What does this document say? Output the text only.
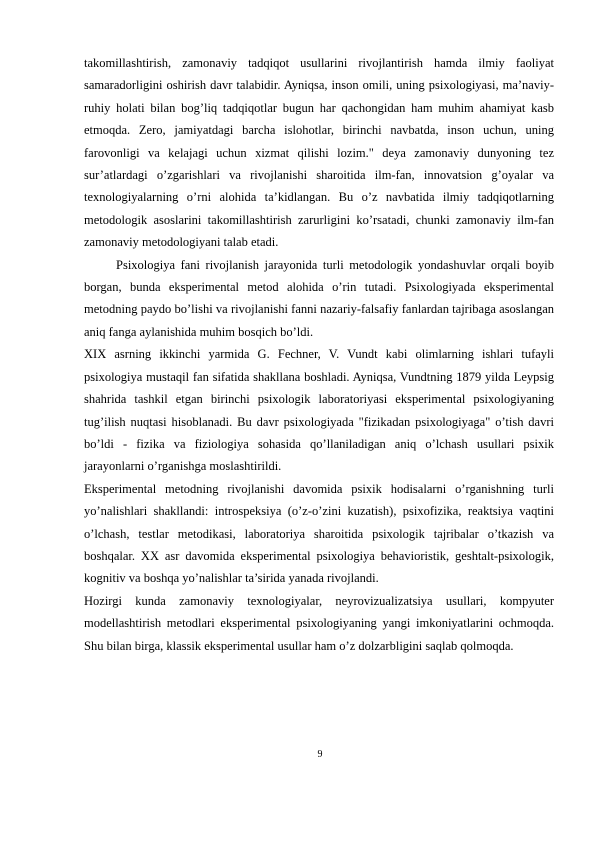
takomillashtirish, zamonaviy tadqiqot usullarini rivojlantirish hamda ilmiy faoliyat samaradorligini oshirish davr talabidir. Ayniqsa, inson omili, uning psixologiyasi, ma’naviy-ruhiy holati bilan bog’liq tadqiqotlar bugun har qachongidan ham muhim ahamiyat kasb etmoqda. Zero, jamiyatdagi barcha islohotlar, birinchi navbatda, inson uchun, uning farovonligi va kelajagi uchun xizmat qilishi lozim." deya zamonaviy dunyoning tez sur’atlardagi o’zgarishlari va rivojlanishi sharoitida ilm-fan, innovatsion g’oyalar va texnologiyalarning o’rni alohida ta’kidlangan. Bu o’z navbatida ilmiy tadqiqotlarning metodologik asoslarini takomillashtirish zarurligini ko’rsatadi, chunki zamonaviy ilm-fan zamonaviy metodologiyani talab etadi.

Psixologiya fani rivojlanish jarayonida turli metodologik yondashuvlar orqali boyib borgan, bunda eksperimental metod alohida o’rin tutadi. Psixologiyada eksperimental metodning paydo bo’lishi va rivojlanishi fanni nazariy-falsafiy fanlardan tajribaga asoslangan aniq fanga aylanishida muhim bosqich bo’ldi.

XIX asrning ikkinchi yarmida G. Fechner, V. Vundt kabi olimlarning ishlari tufayli psixologiya mustaqil fan sifatida shakllana boshladi. Ayniqsa, Vundtning 1879 yilda Leypsig shahrida tashkil etgan birinchi psixologik laboratoriyasi eksperimental psixologiyaning tug’ilish nuqtasi hisoblanadi. Bu davr psixologiyada "fizikadan psixologiyaga" o’tish davri bo’ldi - fizika va fiziologiya sohasida qo’llaniladigan aniq o’lchash usullari psixik jarayonlarni o’rganishga moslashtirildi.

Eksperimental metodning rivojlanishi davomida psixik hodisalarni o’rganishning turli yo’nalishlari shakllandi: introspeksiya (o’z-o’zini kuzatish), psixofizika, reaktsiya vaqtini o’lchash, testlar metodikasi, laboratoriya sharoitida psixologik tajribalar o’tkazish va boshqalar. XX asr davomida eksperimental psixologiya behavioristik, geshtalt-psixologik, kognitiv va boshqa yo’nalishlar ta’sirida yanada rivojlandi.

Hozirgi kunda zamonaviy texnologiyalar, neyrovizualizatsiya usullari, kompyuter modellashtirish metodlari eksperimental psixologiyaning yangi imkoniyatlarini ochmoqda. Shu bilan birga, klassik eksperimental usullar ham o’z dolzarbligini saqlab qolmoqda.

9
